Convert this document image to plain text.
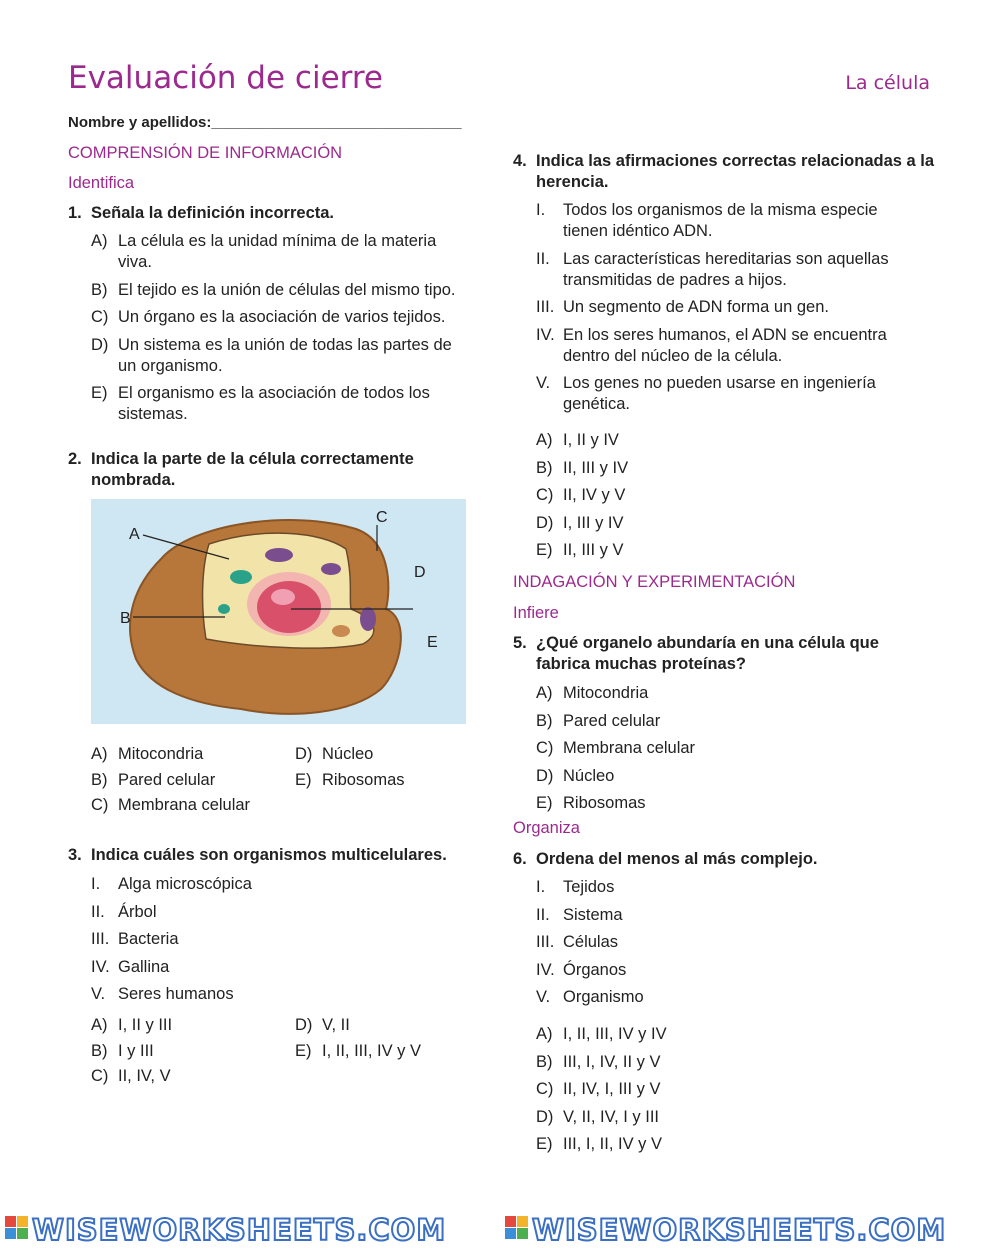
Evaluación de cierre	La célula
Nombre y apellidos:______________________________
COMPRENSIÓN DE INFORMACIÓN
Identifica
1. Señala la definición incorrecta.
A) La célula es la unidad mínima de la materia viva.
B) El tejido es la unión de células del mismo tipo.
C) Un órgano es la asociación de varios tejidos.
D) Un sistema es la unión de todas las partes de un organismo.
E) El organismo es la asociación de todos los sistemas.
2. Indica la parte de la célula correctamente nombrada.
A
B
C
D
E
A) Mitocondria
B) Pared celular
C) Membrana celular
D) Núcleo
E) Ribosomas
3. Indica cuáles son organismos multicelulares.
I. Alga microscópica
II. Árbol
III. Bacteria
IV. Gallina
V. Seres humanos
A) I, II y III
B) I y III
C) II, IV, V
D) V, II
E) I, II, III, IV y V
4. Indica las afirmaciones correctas relacionadas a la herencia.
I. Todos los organismos de la misma especie tienen idéntico ADN.
II. Las características hereditarias son aquellas transmitidas de padres a hijos.
III. Un segmento de ADN forma un gen.
IV. En los seres humanos, el ADN se encuentra dentro del núcleo de la célula.
V. Los genes no pueden usarse en ingeniería genética.
A) I, II y IV
B) II, III y IV
C) II, IV y V
D) I, III y IV
E) II, III y V
INDAGACIÓN Y EXPERIMENTACIÓN
Infiere
5. ¿Qué organelo abundaría en una célula que fabrica muchas proteínas?
A) Mitocondria
B) Pared celular
C) Membrana celular
D) Núcleo
E) Ribosomas
Organiza
6. Ordena del menos al más complejo.
I. Tejidos
II. Sistema
III. Células
IV. Órganos
V. Organismo
A) I, II, III, IV y IV
B) III, I, IV, II y V
C) II, IV, I, III y V
D) V, II, IV, I y III
E) III, I, II, IV y V
WISEWORKSHEETS.COM	WISEWORKSHEETS.COM
